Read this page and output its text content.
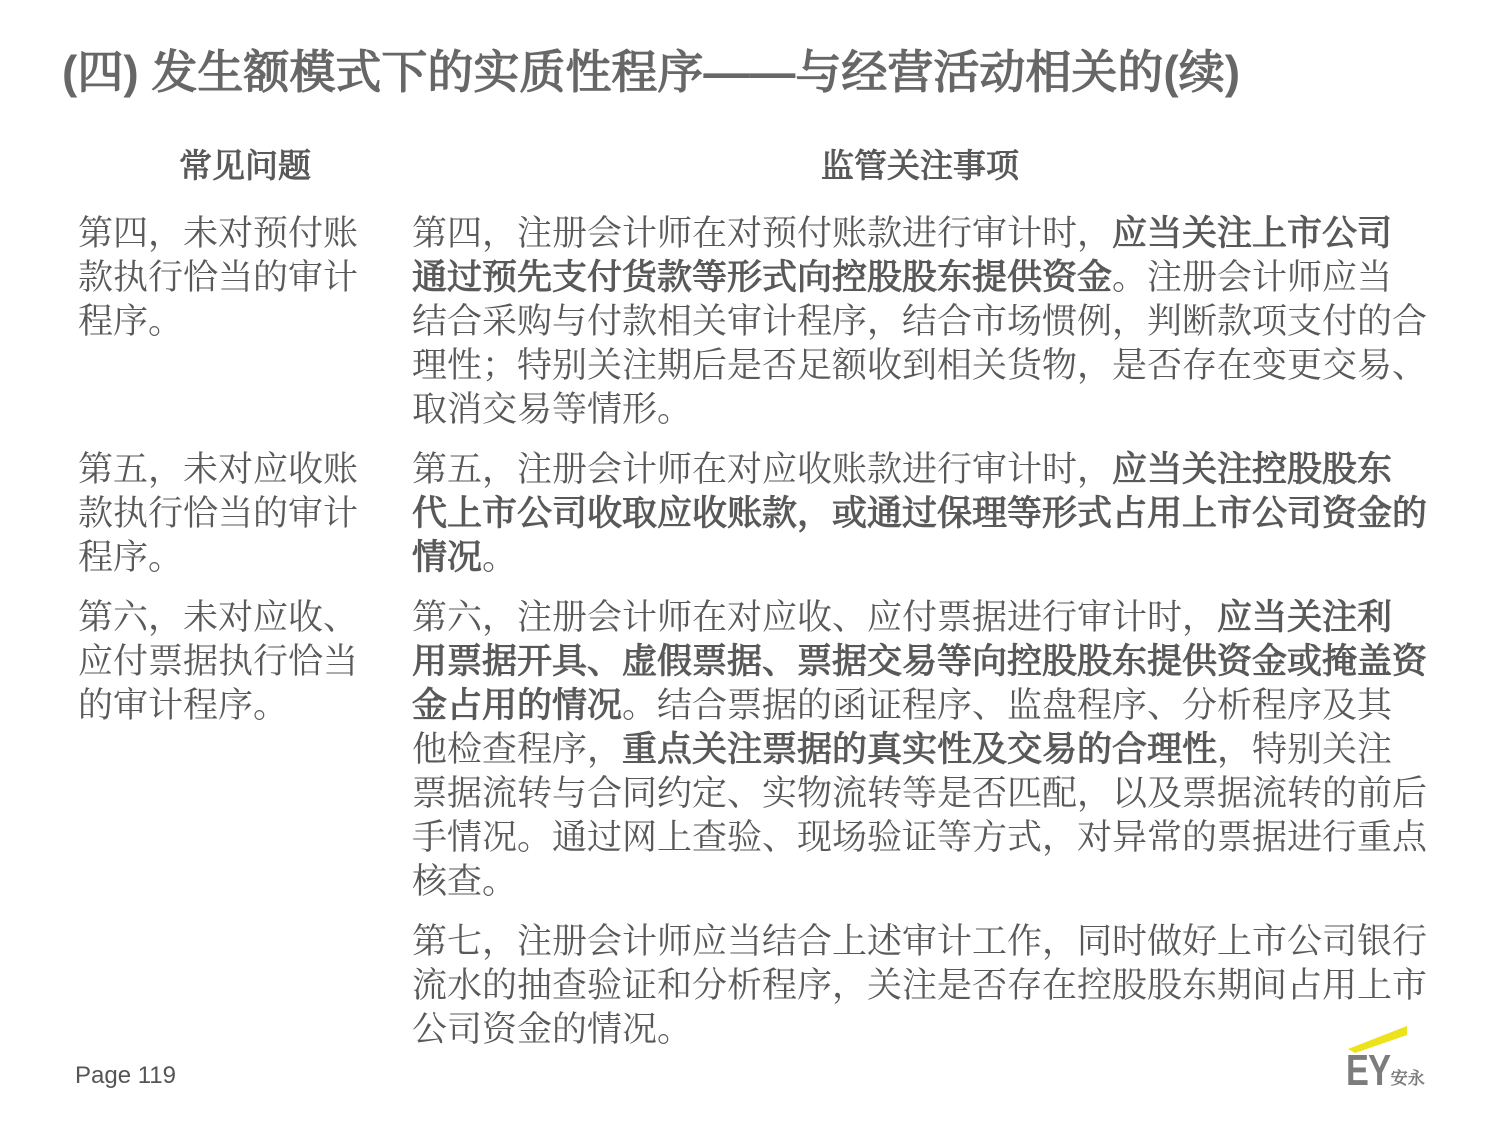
(四) 发生额模式下的实质性程序——与经营活动相关的(续)
常见问题	监管关注事项
第四，未对预付账款执行恰当的审计程序。

第四，注册会计师在对预付账款进行审计时，应当关注上市公司通过预先支付货款等形式向控股股东提供资金。注册会计师应当结合采购与付款相关审计程序，结合市场惯例，判断款项支付的合理性；特别关注期后是否足额收到相关货物，是否存在变更交易、取消交易等情形。

第五，未对应收账款执行恰当的审计程序。

第五，注册会计师在对应收账款进行审计时，应当关注控股股东代上市公司收取应收账款，或通过保理等形式占用上市公司资金的情况。

第六，未对应收、应付票据执行恰当的审计程序。

第六，注册会计师在对应收、应付票据进行审计时，应当关注利用票据开具、虚假票据、票据交易等向控股股东提供资金或掩盖资金占用的情况。结合票据的函证程序、监盘程序、分析程序及其他检查程序，重点关注票据的真实性及交易的合理性，特别关注票据流转与合同约定、实物流转等是否匹配，以及票据流转的前后手情况。通过网上查验、现场验证等方式，对异常的票据进行重点核查。

第七，注册会计师应当结合上述审计工作，同时做好上市公司银行流水的抽查验证和分析程序，关注是否存在控股股东期间占用上市公司资金的情况。

Page 119	EY 安永
